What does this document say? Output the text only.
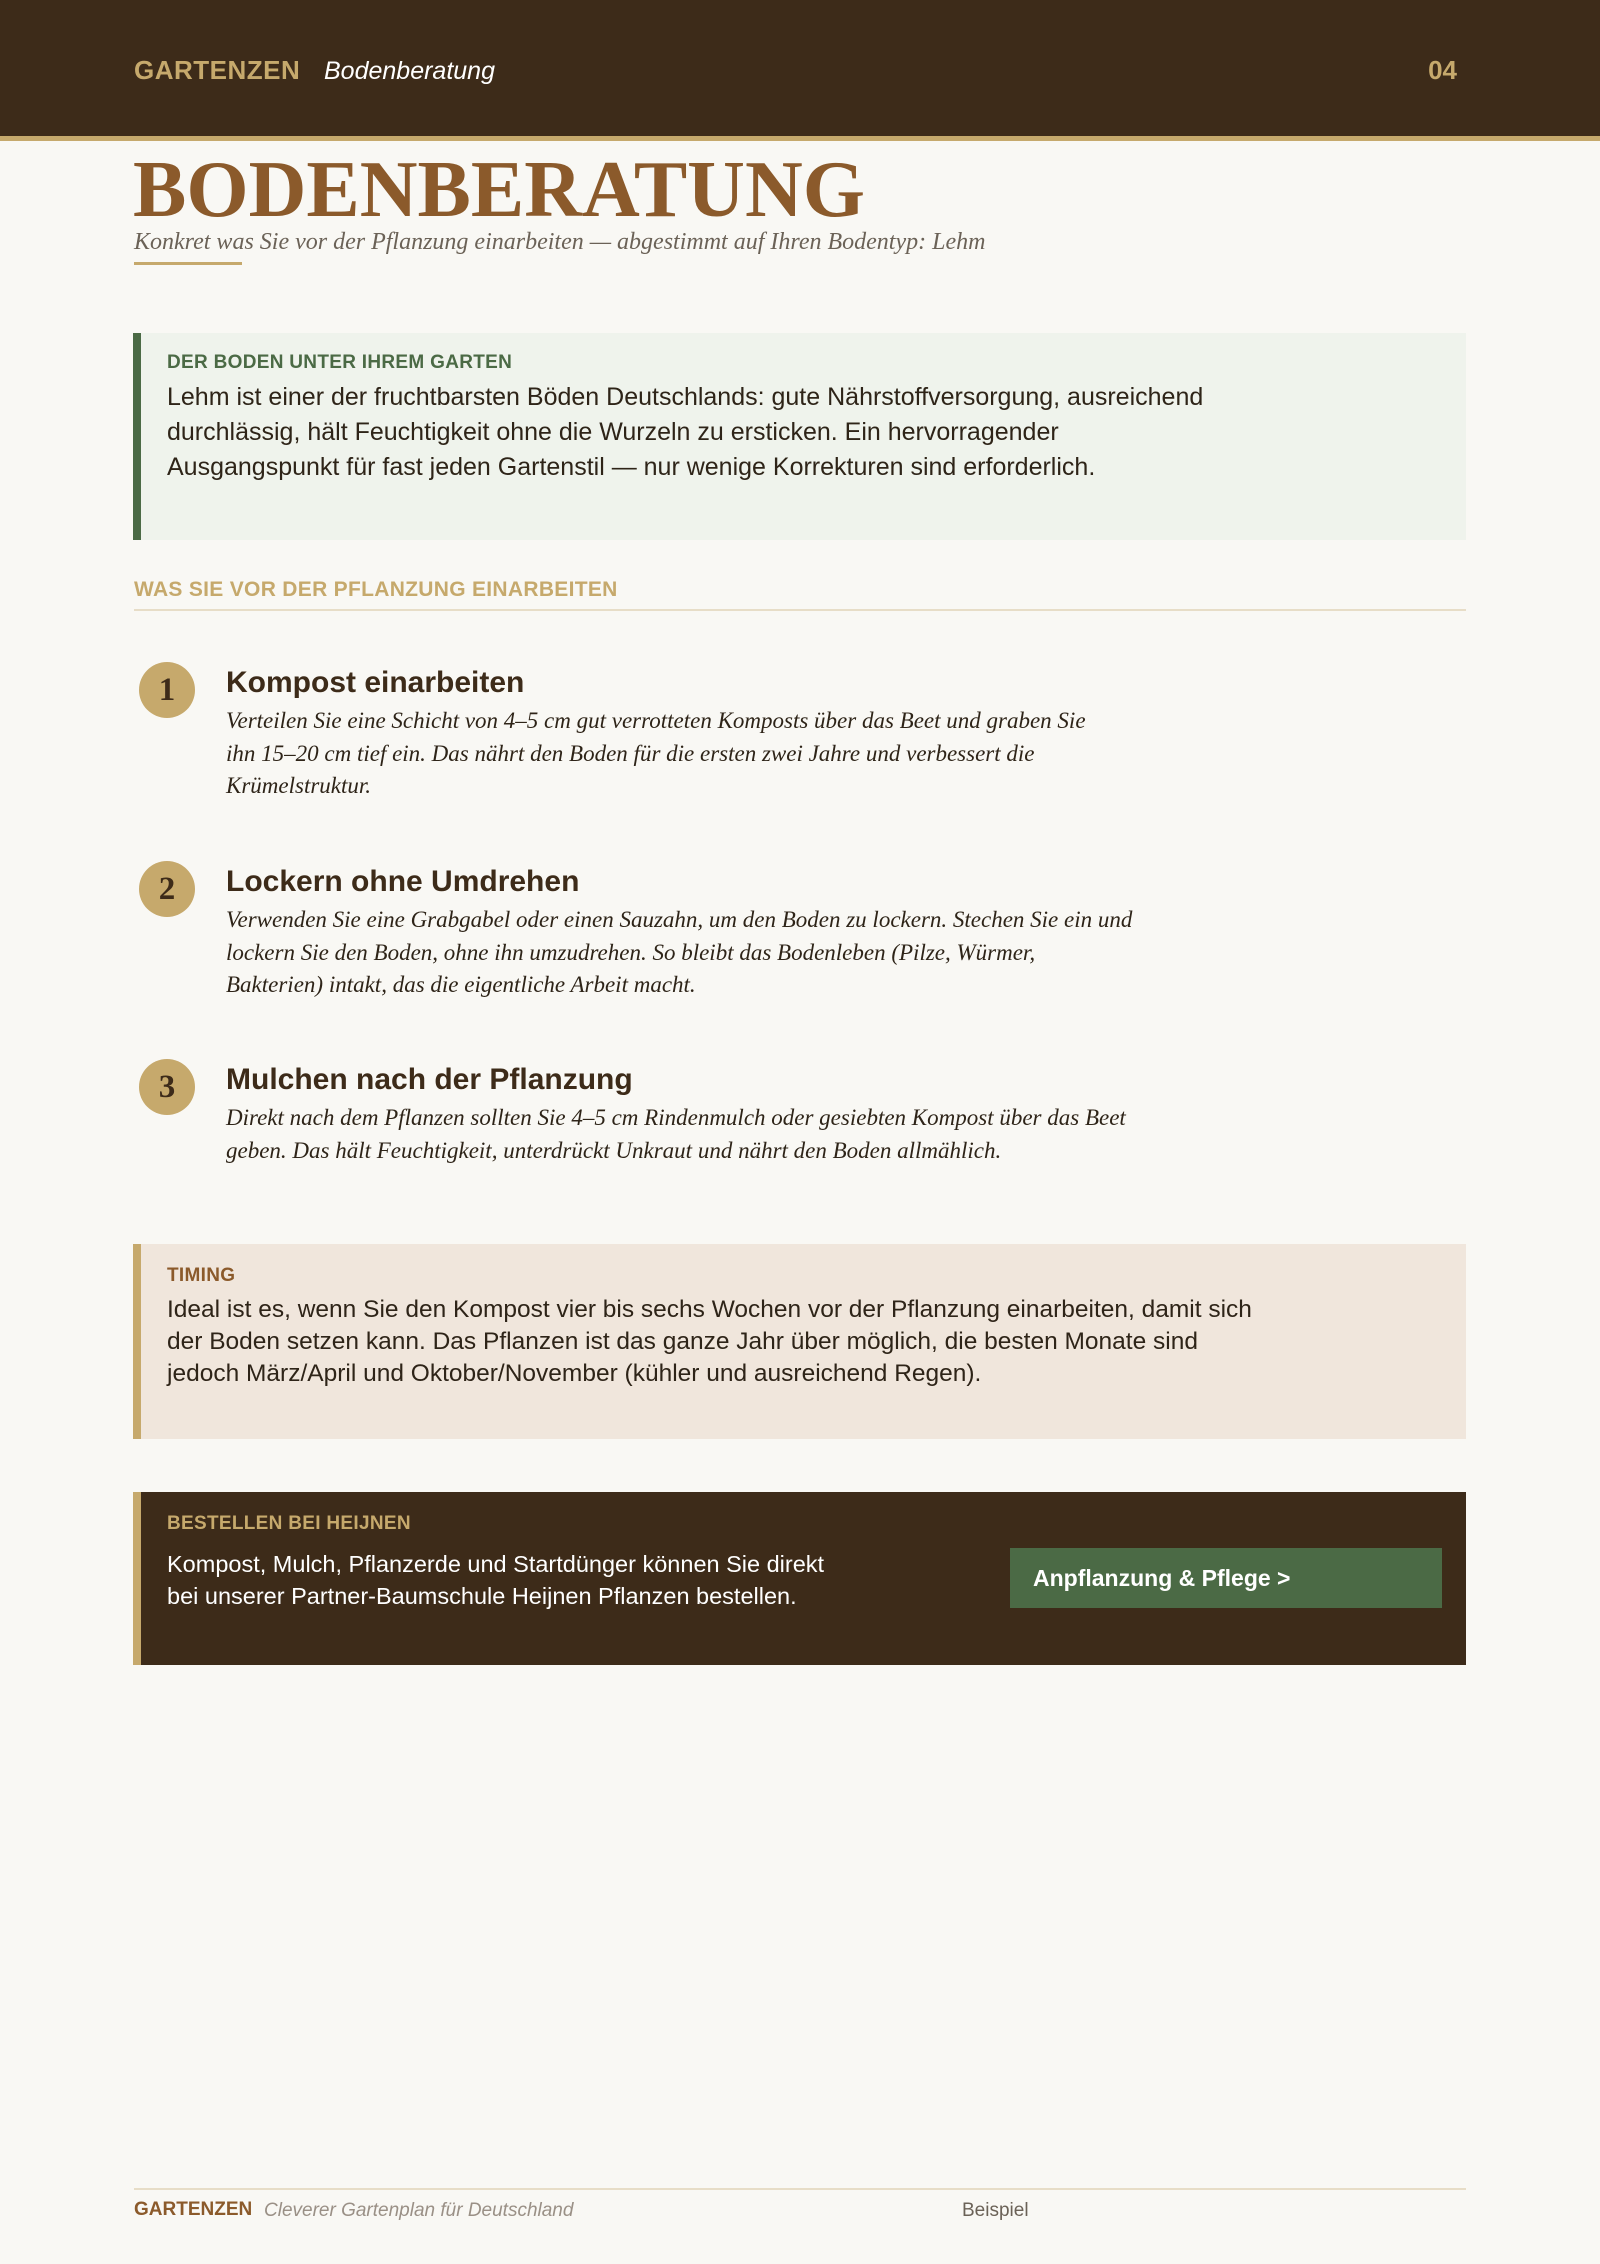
GARTENZEN Bodenberatung	04
BODENBERATUNG
Konkret was Sie vor der Pflanzung einarbeiten — abgestimmt auf Ihren Bodentyp: Lehm
DER BODEN UNTER IHREM GARTEN
Lehm ist einer der fruchtbarsten Böden Deutschlands: gute Nährstoffversorgung, ausreichend
durchlässig, hält Feuchtigkeit ohne die Wurzeln zu ersticken. Ein hervorragender
Ausgangspunkt für fast jeden Gartenstil — nur wenige Korrekturen sind erforderlich.
WAS SIE VOR DER PFLANZUNG EINARBEITEN
1	Kompost einarbeiten
Verteilen Sie eine Schicht von 4–5 cm gut verrotteten Komposts über das Beet und graben Sie
ihn 15–20 cm tief ein. Das nährt den Boden für die ersten zwei Jahre und verbessert die
Krümelstruktur.
2	Lockern ohne Umdrehen
Verwenden Sie eine Grabgabel oder einen Sauzahn, um den Boden zu lockern. Stechen Sie ein und
lockern Sie den Boden, ohne ihn umzudrehen. So bleibt das Bodenleben (Pilze, Würmer,
Bakterien) intakt, das die eigentliche Arbeit macht.
3	Mulchen nach der Pflanzung
Direkt nach dem Pflanzen sollten Sie 4–5 cm Rindenmulch oder gesiebten Kompost über das Beet
geben. Das hält Feuchtigkeit, unterdrückt Unkraut und nährt den Boden allmählich.
TIMING
Ideal ist es, wenn Sie den Kompost vier bis sechs Wochen vor der Pflanzung einarbeiten, damit sich
der Boden setzen kann. Das Pflanzen ist das ganze Jahr über möglich, die besten Monate sind
jedoch März/April und Oktober/November (kühler und ausreichend Regen).
BESTELLEN BEI HEIJNEN
Kompost, Mulch, Pflanzerde und Startdünger können Sie direkt
bei unserer Partner-Baumschule Heijnen Pflanzen bestellen.
Anpflanzung & Pflege >
GARTENZEN Cleverer Gartenplan für Deutschland	Beispiel
